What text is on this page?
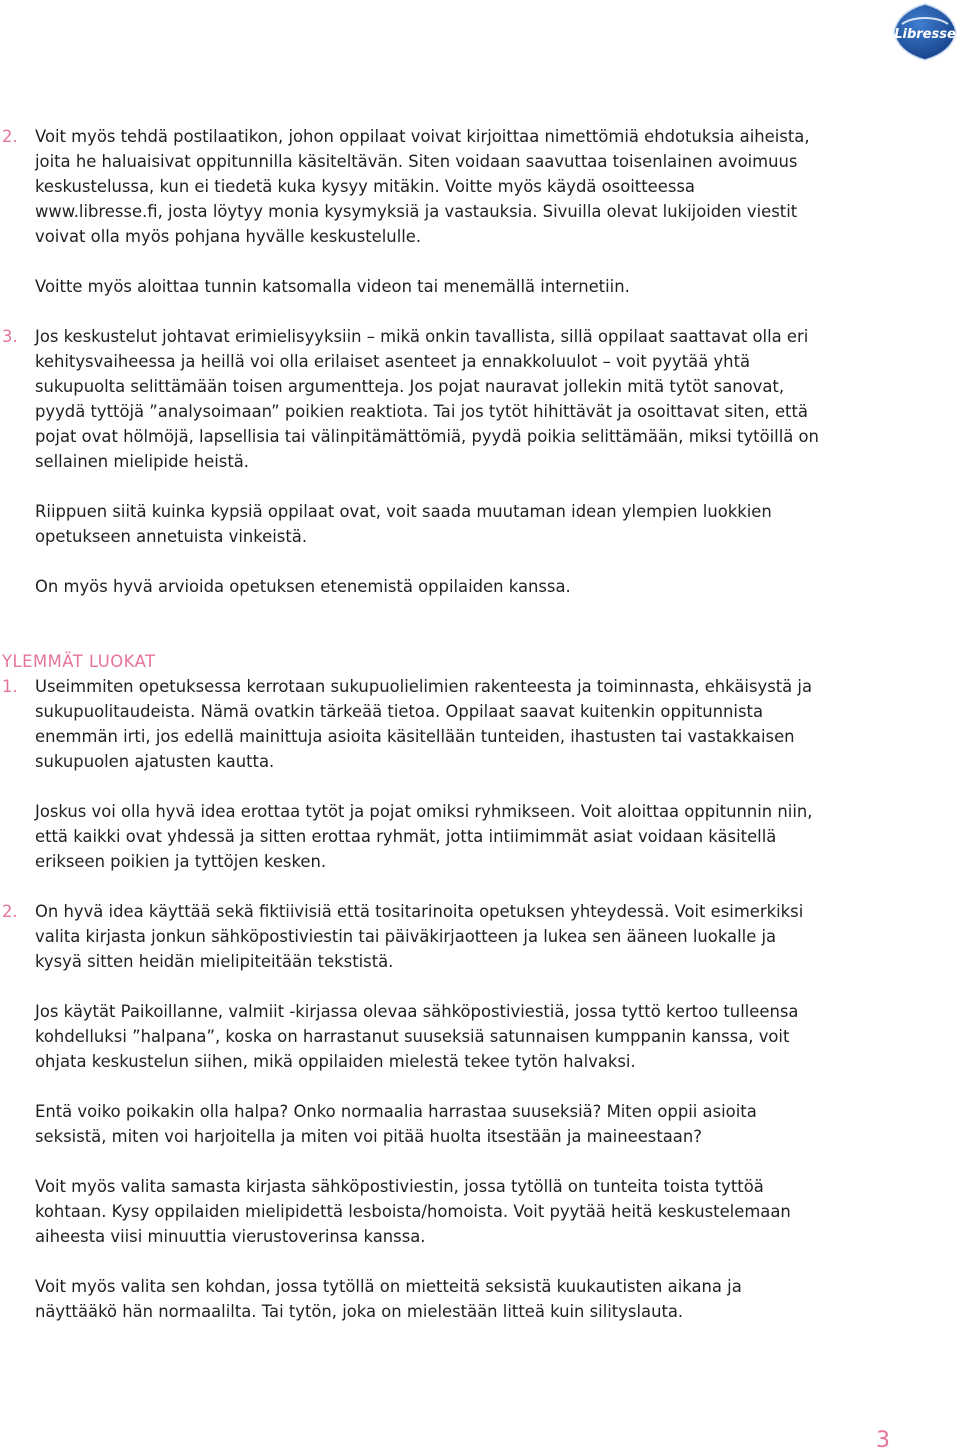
Libresse
2. Voit myös tehdä postilaatikon, johon oppilaat voivat kirjoittaa nimettömiä ehdotuksia aiheista, joita he haluaisivat oppitunnilla käsiteltävän. Siten voidaan saavuttaa toisenlainen avoimuus keskustelussa, kun ei tiedetä kuka kysyy mitäkin. Voitte myös käydä osoitteessa www.libresse.fi, josta löytyy monia kysymyksiä ja vastauksia. Sivuilla olevat lukijoiden viestit voivat olla myös pohjana hyvälle keskustelulle.

Voitte myös aloittaa tunnin katsomalla videon tai menemällä internetiin.

3. Jos keskustelut johtavat erimielisyyksiin – mikä onkin tavallista, sillä oppilaat saattavat olla eri kehitysvaiheessa ja heillä voi olla erilaiset asenteet ja ennakkoluulot – voit pyytää yhtä sukupuolta selittämään toisen argumentteja. Jos pojat nauravat jollekin mitä tytöt sanovat, pyydä tyttöjä ”analysoimaan” poikien reaktiota. Tai jos tytöt hihittävät ja osoittavat siten, että pojat ovat hölmöjä, lapsellisia tai välinpitämättömiä, pyydä poikia selittämään, miksi tytöillä on sellainen mielipide heistä.

Riippuen siitä kuinka kypsiä oppilaat ovat, voit saada muutaman idean ylempien luokkien opetukseen annetuista vinkeistä.

On myös hyvä arvioida opetuksen etenemistä oppilaiden kanssa.

YLEMMÄT LUOKAT
1. Useimmiten opetuksessa kerrotaan sukupuolielimien rakenteesta ja toiminnasta, ehkäisystä ja sukupuolitaudeista. Nämä ovatkin tärkeää tietoa. Oppilaat saavat kuitenkin oppitunnista enemmän irti, jos edellä mainittuja asioita käsitellään tunteiden, ihastusten tai vastakkaisen sukupuolen ajatusten kautta.

Joskus voi olla hyvä idea erottaa tytöt ja pojat omiksi ryhmikseen. Voit aloittaa oppitunnin niin, että kaikki ovat yhdessä ja sitten erottaa ryhmät, jotta intiimimmät asiat voidaan käsitellä erikseen poikien ja tyttöjen kesken.

2. On hyvä idea käyttää sekä fiktiivisiä että tositarinoita opetuksen yhteydessä. Voit esimerkiksi valita kirjasta jonkun sähköpostiviestin tai päiväkirjaotteen ja lukea sen ääneen luokalle ja kysyä sitten heidän mielipiteitään tekstistä.

Jos käytät Paikoillanne, valmiit -kirjassa olevaa sähköpostiviestiä, jossa tyttö kertoo tulleensa kohdelluksi ”halpana”, koska on harrastanut suuseksiä satunnaisen kumppanin kanssa, voit ohjata keskustelun siihen, mikä oppilaiden mielestä tekee tytön halvaksi.

Entä voiko poikakin olla halpa? Onko normaalia harrastaa suuseksiä? Miten oppii asioita seksistä, miten voi harjoitella ja miten voi pitää huolta itsestään ja maineestaan?

Voit myös valita samasta kirjasta sähköpostiviestin, jossa tytöllä on tunteita toista tyttöä kohtaan. Kysy oppilaiden mielipidettä lesboista/homoista. Voit pyytää heitä keskustelemaan aiheesta viisi minuuttia vierustoverinsa kanssa.

Voit myös valita sen kohdan, jossa tytöllä on mietteitä seksistä kuukautisten aikana ja näyttääkö hän normaalilta. Tai tytön, joka on mielestään litteä kuin silityslauta.

3
